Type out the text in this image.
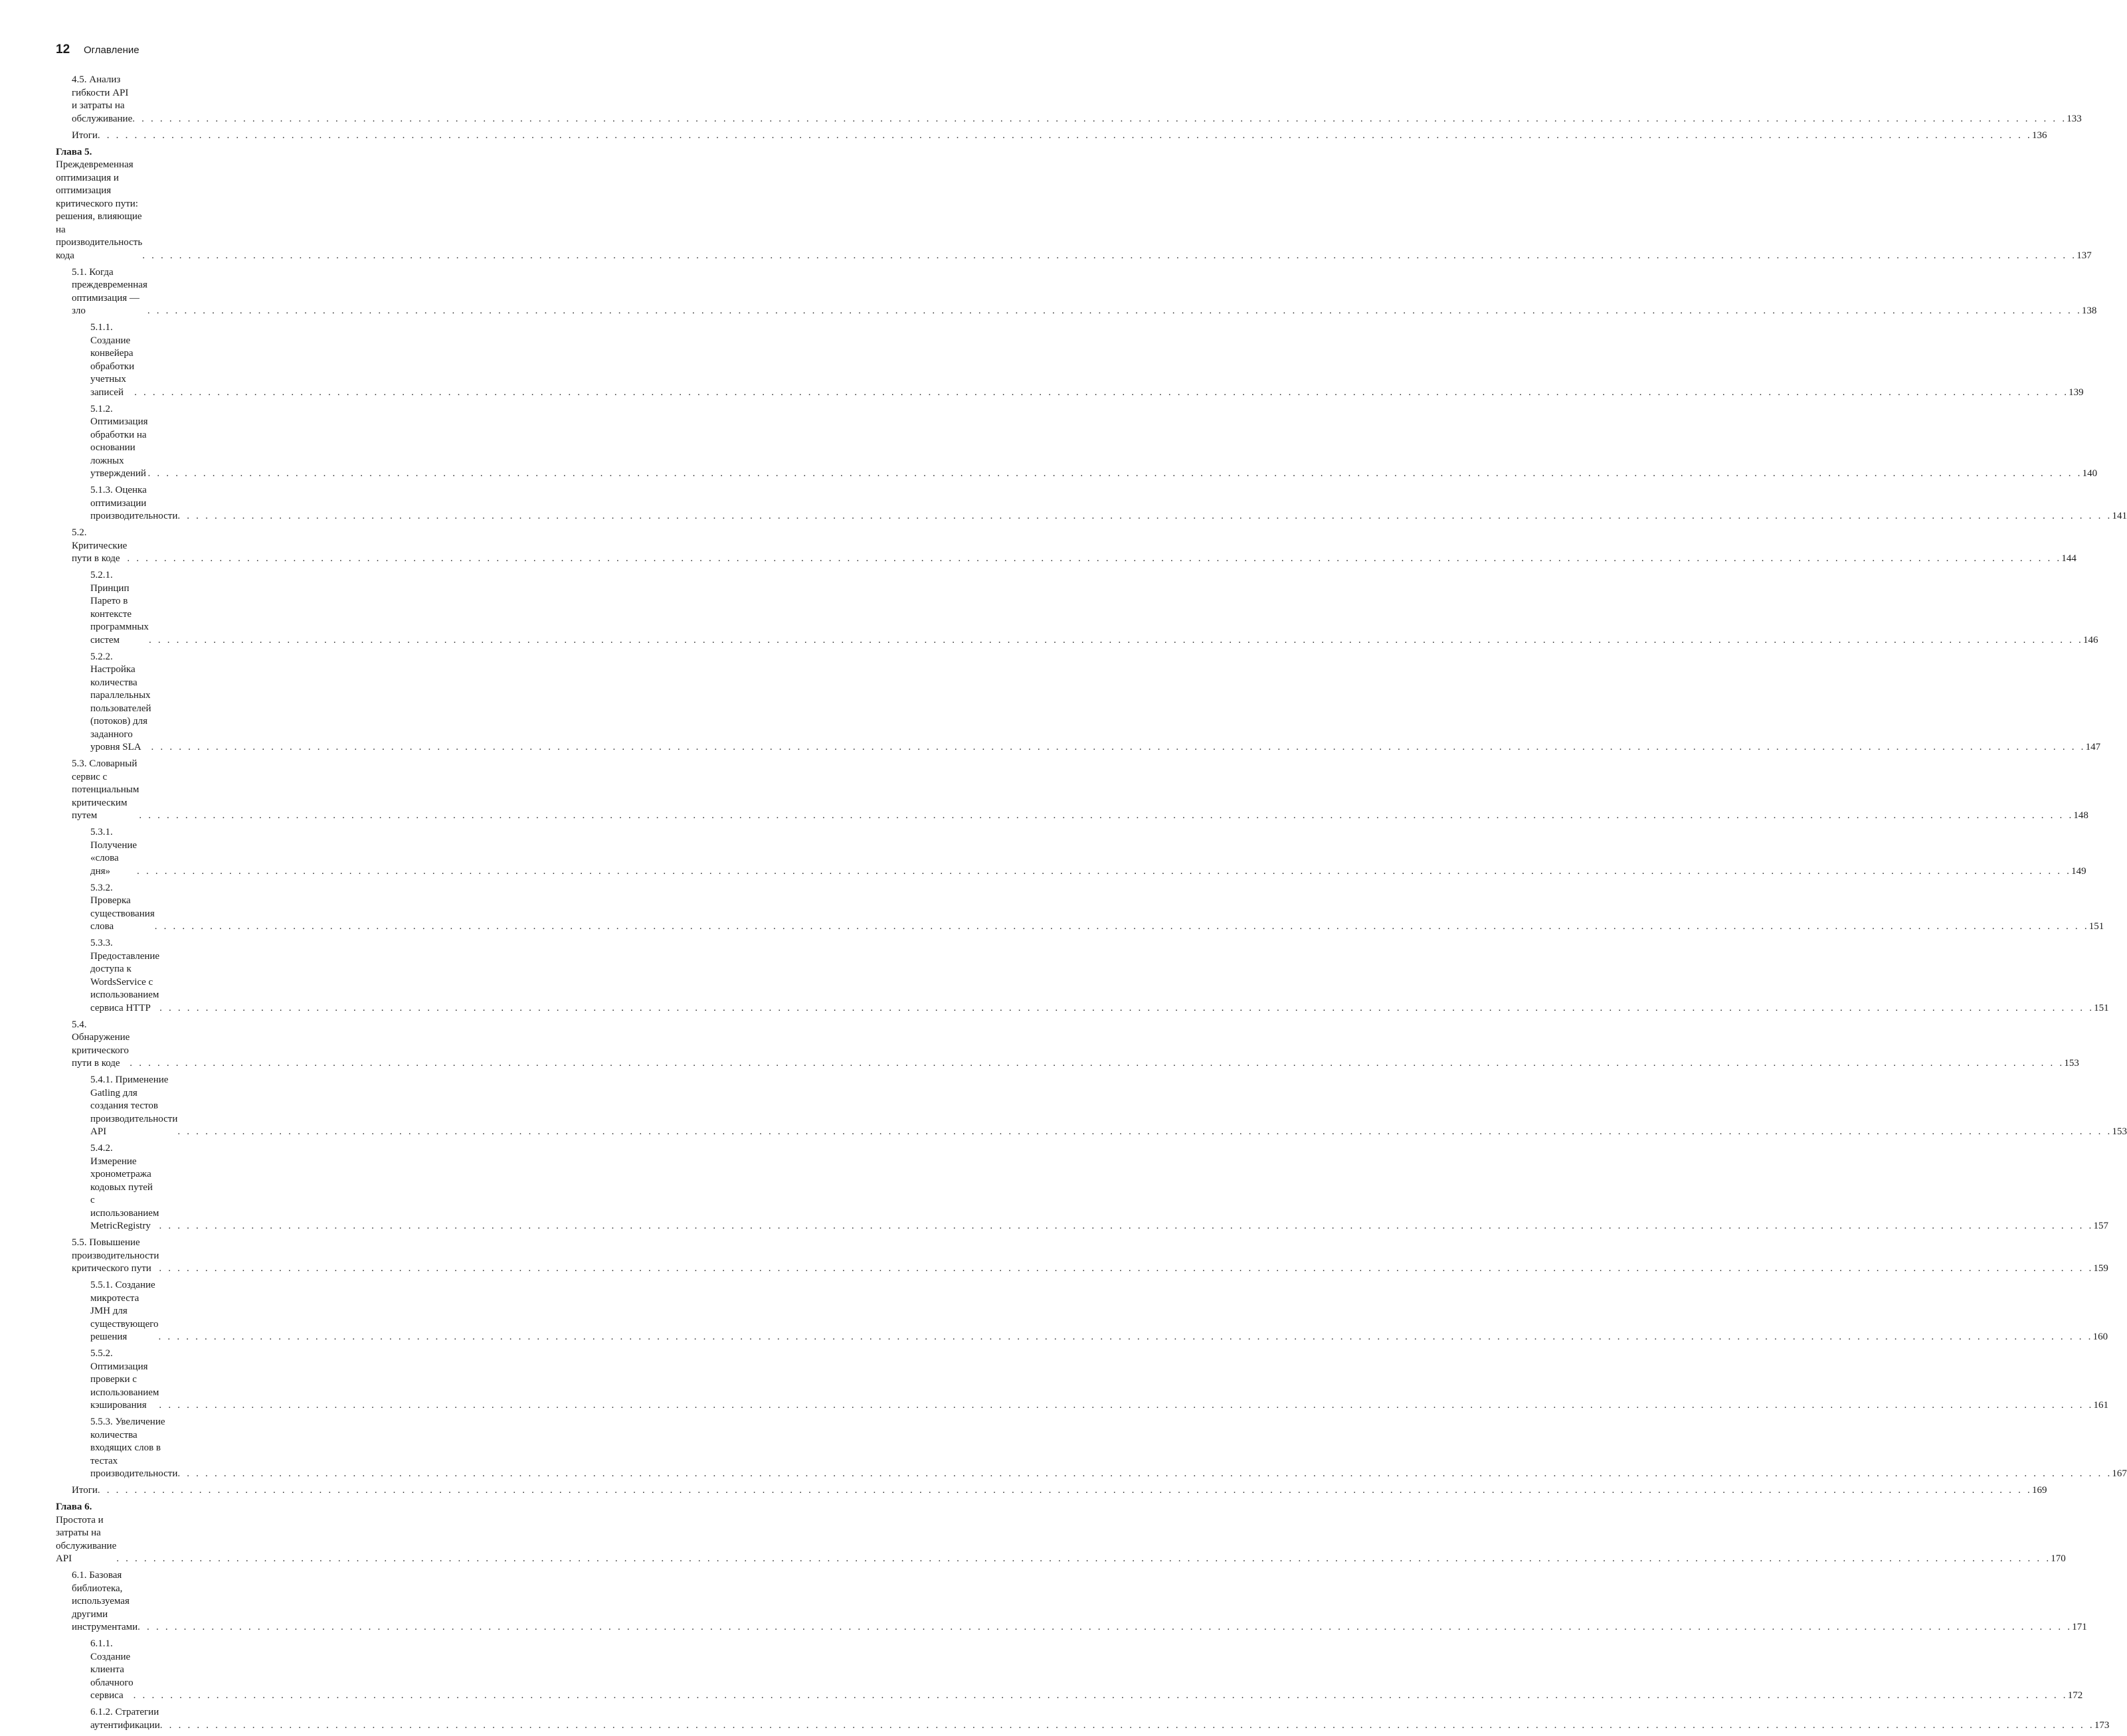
12	Оглавление
4.5. Анализ гибкости API и затраты на обслуживание . . .	133
Итоги . . .	136
Глава 5. Преждевременная оптимизация и оптимизация критического пути: решения, влияющие на производительность кода . . .	137
5.1. Когда преждевременная оптимизация — зло . . .	138
5.1.1. Создание конвейера обработки учетных записей . . .	139
5.1.2. Оптимизация обработки на основании ложных утверждений . . .	140
5.1.3. Оценка оптимизации производительности . . .	141
5.2. Критические пути в коде . . .	144
5.2.1. Принцип Парето в контексте программных систем . . .	146
5.2.2. Настройка количества параллельных пользователей (потоков) для заданного уровня SLA . . .	147
5.3. Словарный сервис с потенциальным критическим путем . . .	148
5.3.1. Получение «слова дня» . . .	149
5.3.2. Проверка существования слова . . .	151
5.3.3. Предоставление доступа к WordsService с использованием сервиса HTTP . . .	151
5.4. Обнаружение критического пути в коде . . .	153
5.4.1. Применение Gatling для создания тестов производительности API . . .	153
5.4.2. Измерение хронометража кодовых путей с использованием MetricRegistry . . .	157
5.5. Повышение производительности критического пути . . .	159
5.5.1. Создание микротеста JMH для существующего решения . . .	160
5.5.2. Оптимизация проверки с использованием кэширования . . .	161
5.5.3. Увеличение количества входящих слов в тестах производительности . . .	167
Итоги . . .	169
Глава 6. Простота и затраты на обслуживание API . . .	170
6.1. Базовая библиотека, используемая другими инструментами . . .	171
6.1.1. Создание клиента облачного сервиса . . .	172
6.1.2. Стратегии аутентификации . . .	173
